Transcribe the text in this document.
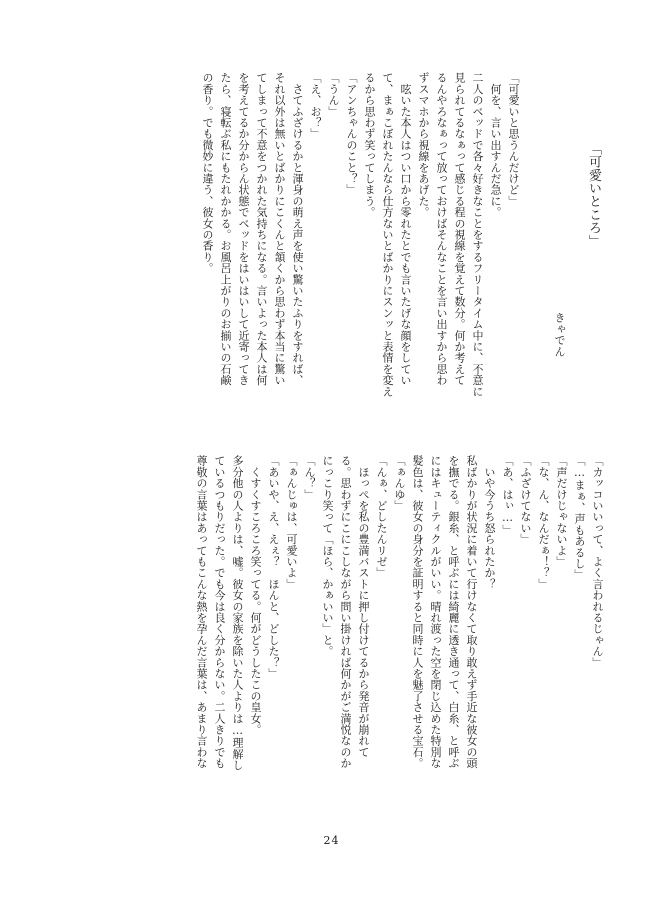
「可愛いところ」

きゃでん

「可愛いと思うんだけど」

　何を、言い出すんだ急に。

二人のベッドで各々好きなことをするフリータイム中に、不意に

見られてるなぁって感じる程の視線を覚えて数分。何か考えて

るんやろなぁって放っておけばそんなことを言い出すから思わ

ずスマホから視線をあげた。

　呟いた本人はつい口から零れたとでも言いたげな顔をしてい

て、まぁこぼれたんなら仕方ないとばかりにスンッと表情を変え

るから思わず笑ってしまう。

「アンちゃんのこと？」

「うん」

「え、お？」

　さてふざけるかと渾身の萌え声を使い驚いたふりをすれば、

それ以外は無いとばかりにこくんと頷くから思わず本当に驚い

てしまって不意をつかれた気持ちになる。言いよった本人は何

を考えてるか分からん状態でベッドをはいはいして近寄ってき

たら、寝転ぶ私にもたれかかる。お風呂上がりのお揃いの石鹸

の香り。でも微妙に違う、彼女の香り。

「カッコいいって、よく言われるじゃん」

「…まぁ、声もあるし」

「声だけじゃないよ」

「な、ん、なんだぁ！？」

「ふざけてない」

「あ、はぃ…」

　いや今うち怒られたか？

私ばかりが状況に着いて行けなくて取り敢えず手近な彼女の頭

を撫でる。銀糸、と呼ぶには綺麗に透き通って、白糸、と呼ぶ

にはキューティクルがいい。晴れ渡った空を閉じ込めた特別な

髪色は、彼女の身分を証明すると同時に人を魅了させる宝石。

「ぁんゆ」

「んぁ、どしたんリゼ」

　ほっぺを私の豊満バストに押し付けてるから発音が崩れて

る。思わずにこにこしながら問い掛ければ何かがご満悦なのか

にっこり笑って「ほら、かぁいい」と。

「ん？」

「ぁんじゅは、可愛いよ」

「あいや、え、えぇ？　ほんと、どした？」

　くすくすころころ笑ってる。何がどうしたこの皇女。

多分他の人よりは、嘘。彼女の家族を除いた人よりは…理解し

ているつもりだった。でも今は良く分からない。二人きりでも

尊敬の言葉はあってもこんな熱を孕んだ言葉は、あまり言わな

24
